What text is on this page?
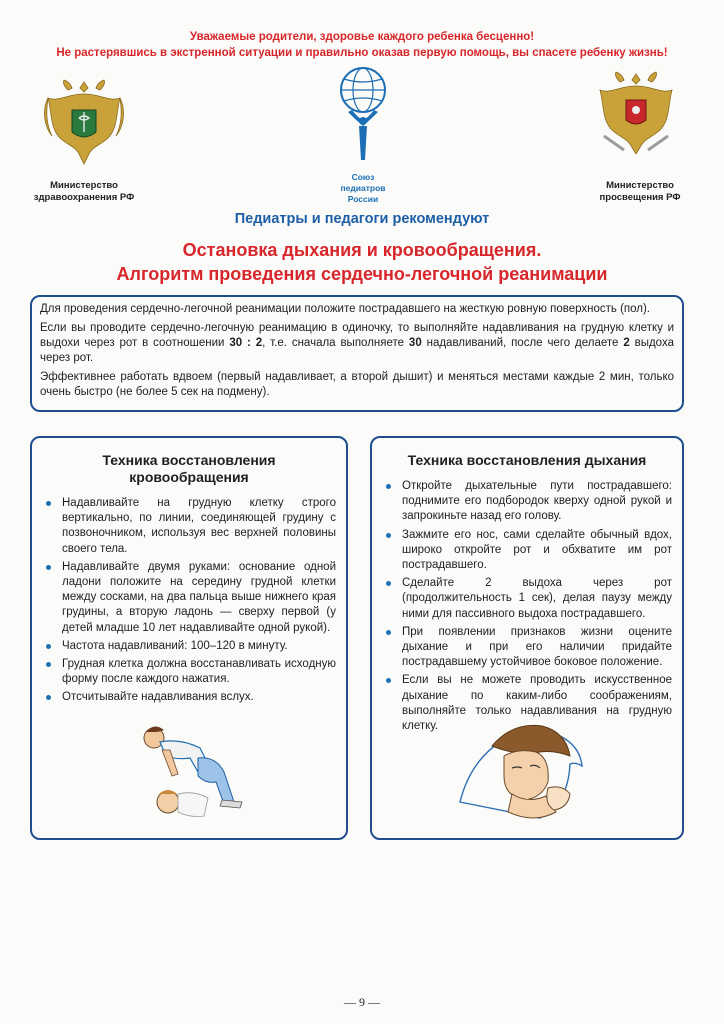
Уважаемые родители, здоровье каждого ребенка бесценно!
Не растерявшись в экстренной ситуации и правильно оказав первую помощь, вы спасете ребенку жизнь!
Министерство
здравоохранения РФ
Союз
педиатров
России
Министерство
просвещения РФ
Педиатры и педагоги рекомендуют
Остановка дыхания и кровообращения.
Алгоритм проведения сердечно-легочной реанимации

Для проведения сердечно-легочной реанимации положите пострадавшего на жесткую ровную поверхность (пол).

Если вы проводите сердечно-легочную реанимацию в одиночку, то выполняйте надавливания на грудную клетку и выдохи через рот в соотношении 30 : 2, т.е. сначала выполняете 30 надавливаний, после чего делаете 2 выдоха через рот.

Эффективнее работать вдвоем (первый надавливает, а второй дышит) и меняться местами каждые 2 мин, только очень быстро (не более 5 сек на подмену).

Техника восстановления
кровообращения
Надавливайте на грудную клетку строго вертикально, по линии, соединяющей грудину с позвоночником, используя вес верхней половины своего тела.
Надавливайте двумя руками: основание одной ладони положите на середину грудной клетки между сосками, на два пальца выше нижнего края грудины, а вторую ладонь — сверху первой (у детей младше 10 лет надавливайте одной рукой).
Частота надавливаний: 100–120 в минуту.
Грудная клетка должна восстанавливать исходную форму после каждого нажатия.
Отсчитывайте надавливания вслух.
Техника восстановления дыхания
Откройте дыхательные пути пострадавшего: поднимите его подбородок кверху одной рукой и запрокиньте назад его голову.
Зажмите его нос, сами сделайте обычный вдох, широко откройте рот и обхватите им рот пострадавшего.
Сделайте 2 выдоха через рот (продолжительность 1 сек), делая паузу между ними для пассивного выдоха пострадавшего.
При появлении признаков жизни оцените дыхание и при его наличии придайте пострадавшему устойчивое боковое положение.
Если вы не можете проводить искусственное дыхание по каким-либо соображениям, выполняйте только надавливания на грудную клетку.
— 9 —
